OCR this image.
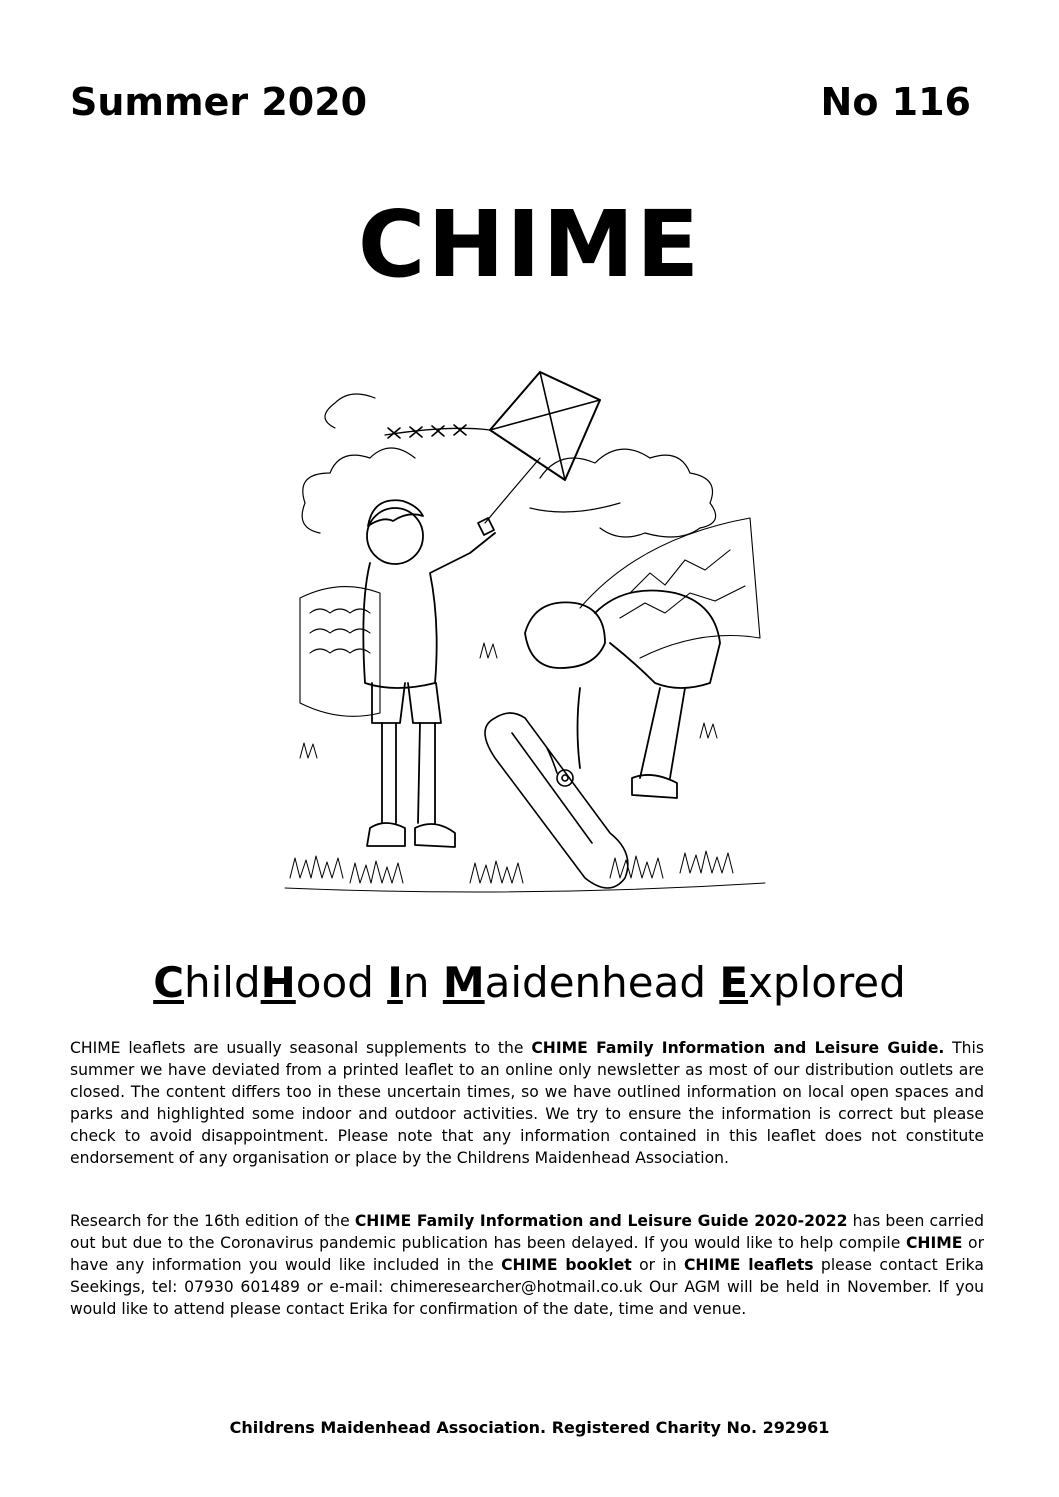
Summer 2020	No 116
CHIME
ChildHood In Maidenhead Explored

CHIME leaflets are usually seasonal supplements to the CHIME Family Information and Leisure Guide. This summer we have deviated from a printed leaflet to an online only newsletter as most of our distribution outlets are closed. The content differs too in these uncertain times, so we have outlined information on local open spaces and parks and highlighted some indoor and outdoor activities. We try to ensure the information is correct but please check to avoid disappointment. Please note that any information contained in this leaflet does not constitute endorsement of any organisation or place by the Childrens Maidenhead Association.

Research for the 16th edition of the CHIME Family Information and Leisure Guide 2020-2022 has been carried out but due to the Coronavirus pandemic publication has been delayed. If you would like to help compile CHIME or have any information you would like included in the CHIME booklet or in CHIME leaflets please contact Erika Seekings, tel: 07930 601489 or e-mail: chimeresearcher@hotmail.co.uk Our AGM will be held in November. If you would like to attend please contact Erika for confirmation of the date, time and venue.

Childrens Maidenhead Association. Registered Charity No. 292961
